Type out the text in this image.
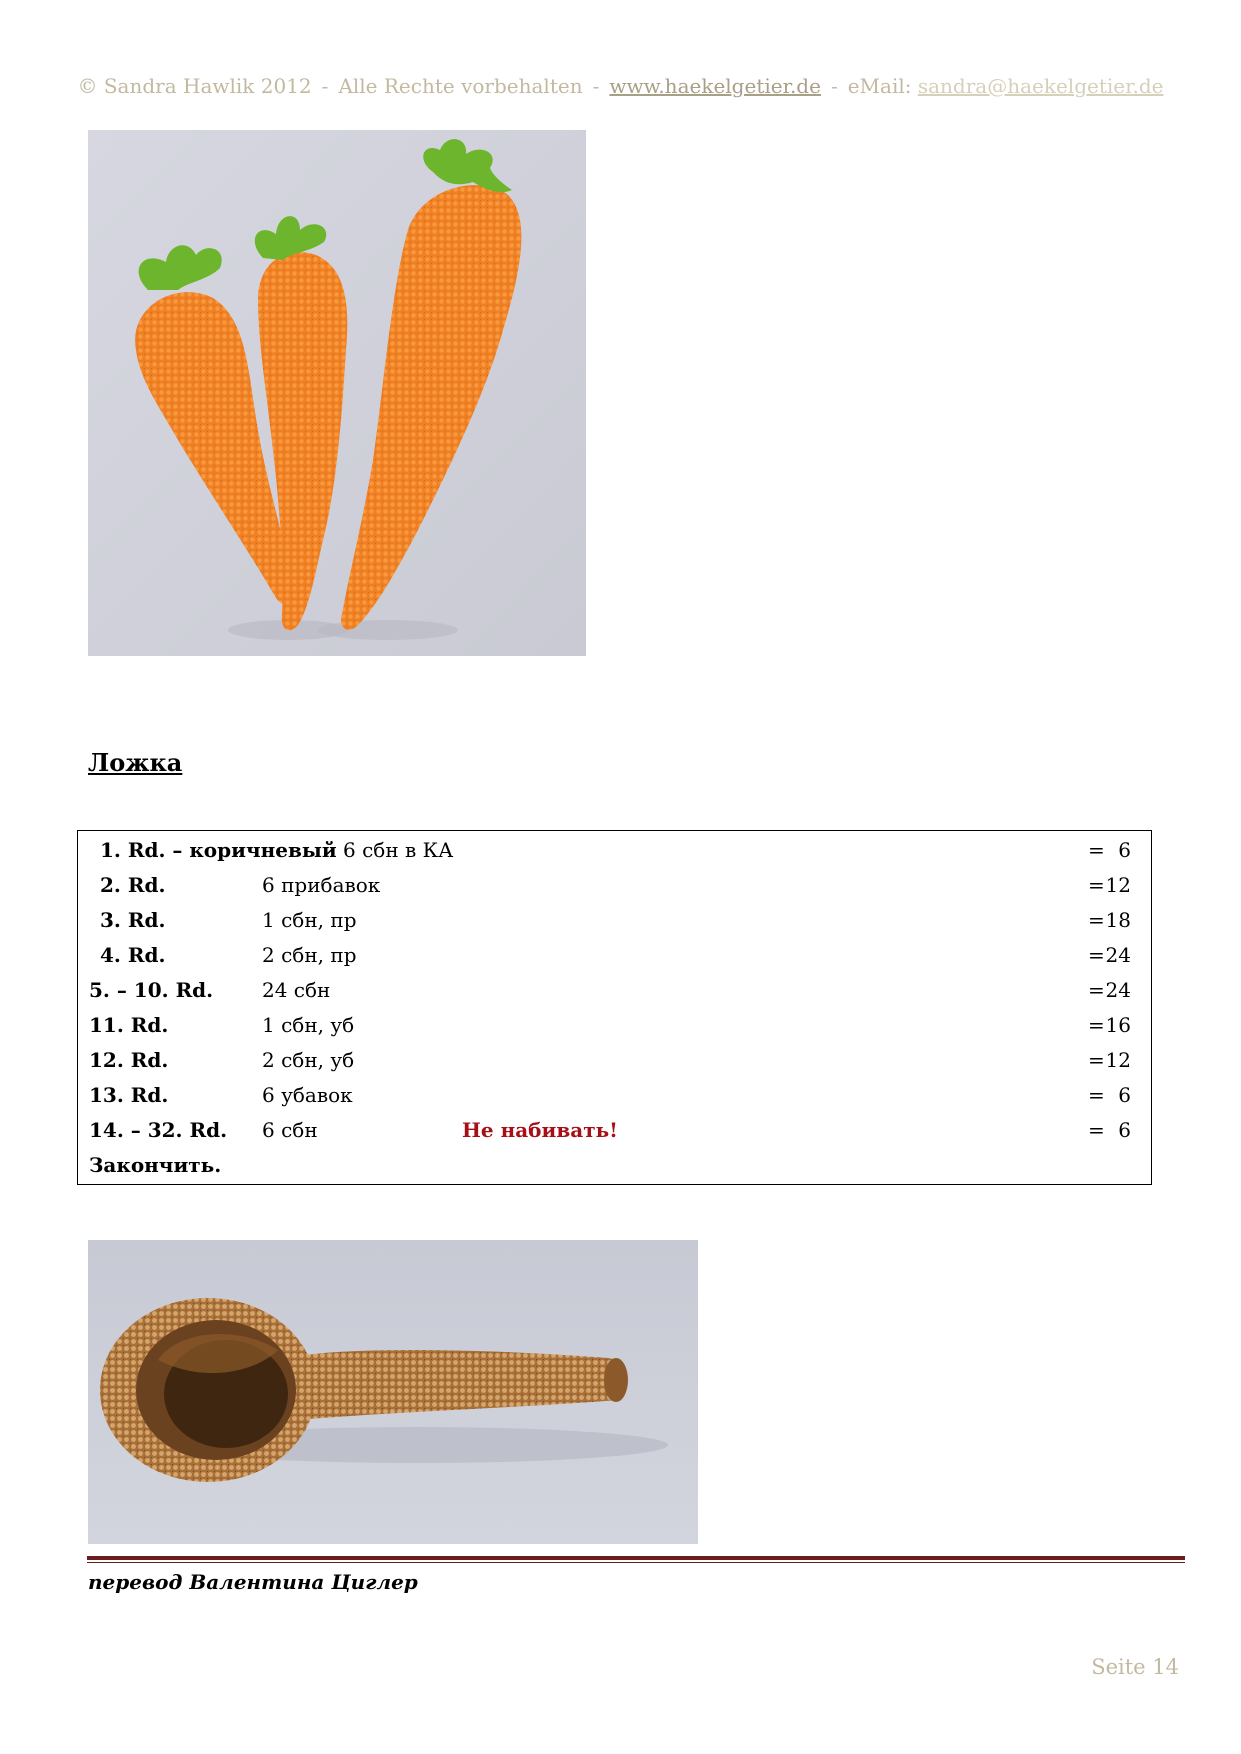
© Sandra Hawlik 2012 - Alle Rechte vorbehalten - www.haekelgetier.de - eMail: sandra@haekelgetier.de
Ложка
1. Rd. – коричневый 6 сбн в КА	= 6
2. Rd.	6 прибавок	= 12
3. Rd.	1 сбн, пр	= 18
4. Rd.	2 сбн, пр	= 24
5. – 10. Rd. 24 сбн	= 24
11. Rd.	1 сбн, уб	= 16
12. Rd.	2 сбн, уб	= 12
13. Rd.	6 убавок	= 6
14. – 32. Rd. 6 сбн	Не набивать!	= 6
Закончить.
перевод Валентина Циглер
Seite 14
